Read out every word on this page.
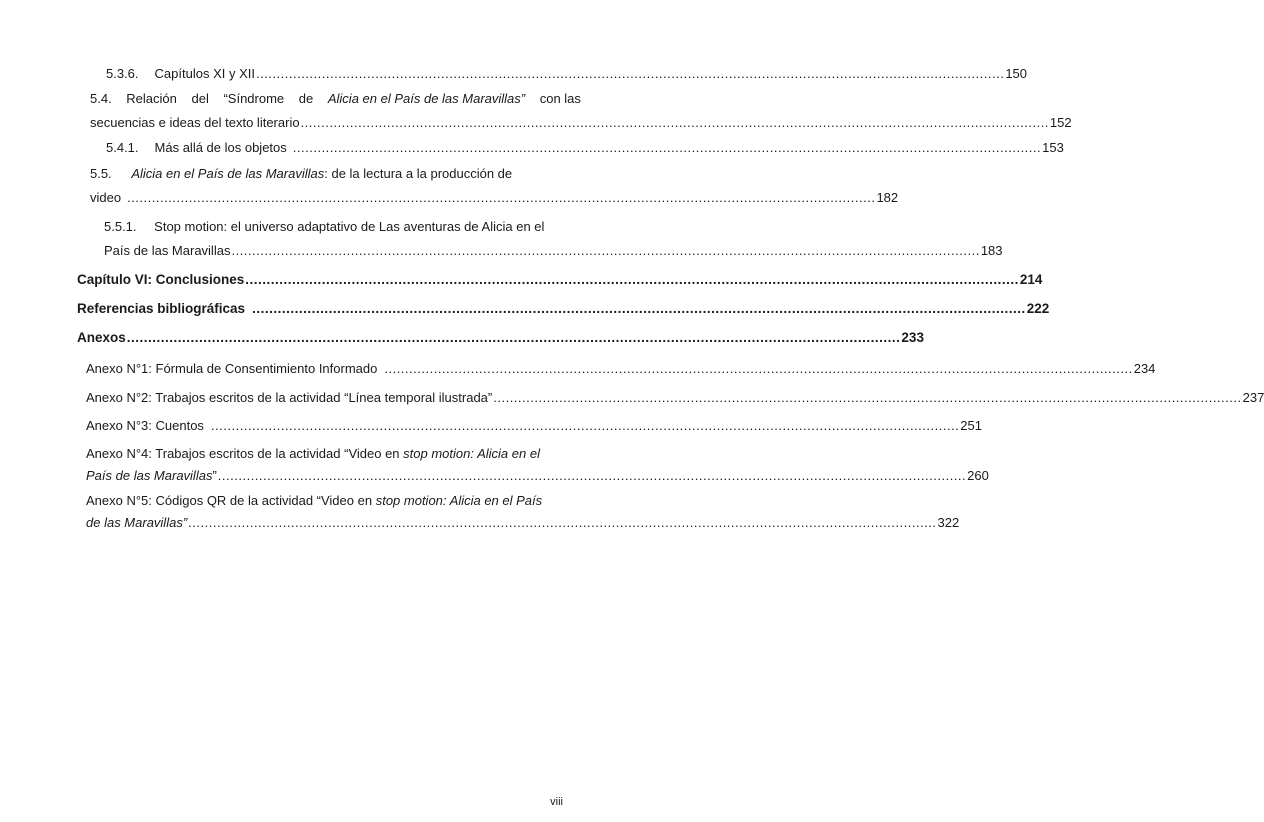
5.3.6. Capítulos XI y XII ...................................................................................................................................................................................... 150
5.4. Relación del “Síndrome de Alicia en el País de las Maravillas” con las
secuencias e ideas del texto literario ...................................................................................................................................................................................... 152
5.4.1. Más allá de los objetos ...................................................................................................................................................................................... 153
5.5. Alicia en el País de las Maravillas: de la lectura a la producción de
video ...................................................................................................................................................................................... 182
5.5.1. Stop motion: el universo adaptativo de Las aventuras de Alicia en el
País de las Maravillas ...................................................................................................................................................................................... 183
Capítulo VI: Conclusiones ...................................................................................................................................................................................... 214
Referencias bibliográficas ...................................................................................................................................................................................... 222
Anexos ...................................................................................................................................................................................... 233
Anexo N°1: Fórmula de Consentimiento Informado ...................................................................................................................................................................................... 234
Anexo N°2: Trabajos escritos de la actividad “Línea temporal ilustrada” ...................................................................................................................................................................................... 237
Anexo N°3: Cuentos ...................................................................................................................................................................................... 251
Anexo N°4: Trabajos escritos de la actividad “Video en stop motion: Alicia en el
País de las Maravillas ” ...................................................................................................................................................................................... 260
Anexo N°5: Códigos QR de la actividad “Video en stop motion: Alicia en el País
de las Maravillas” ...................................................................................................................................................................................... 322
viii
